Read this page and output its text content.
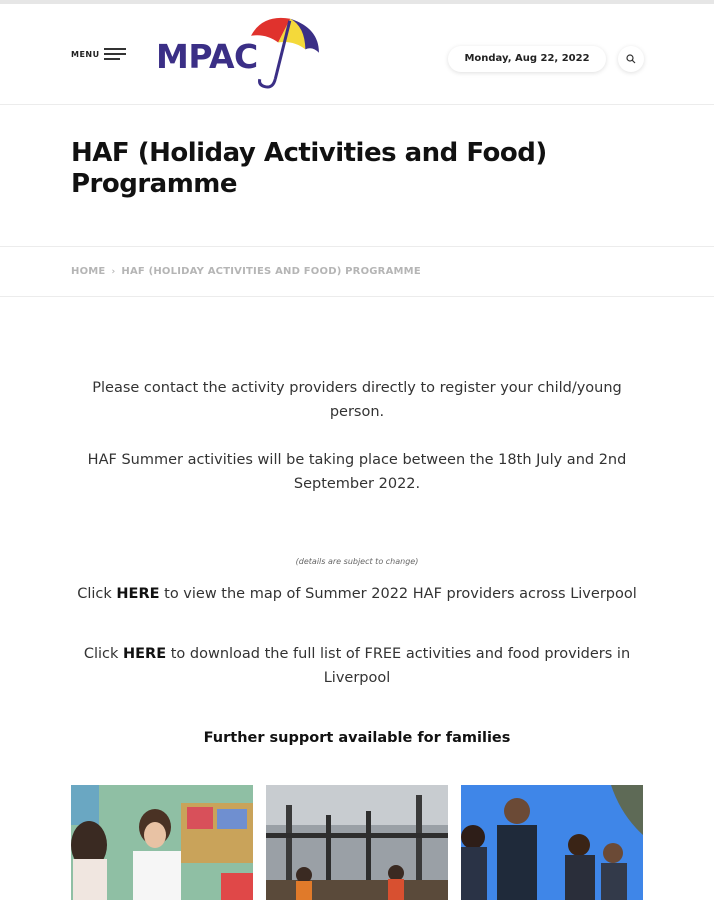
MENU MPAC	Monday, Aug 22, 2022
HAF (Holiday Activities and Food) Programme
HOME › HAF (HOLIDAY ACTIVITIES AND FOOD) PROGRAMME

Please contact the activity providers directly to register your child/young person.

HAF Summer activities will be taking place between the 18th July and 2nd September 2022.

(details are subject to change)

Click HERE to view the map of Summer 2022 HAF providers across Liverpool

Click HERE to download the full list of FREE activities and food providers in Liverpool

Further support available for families
